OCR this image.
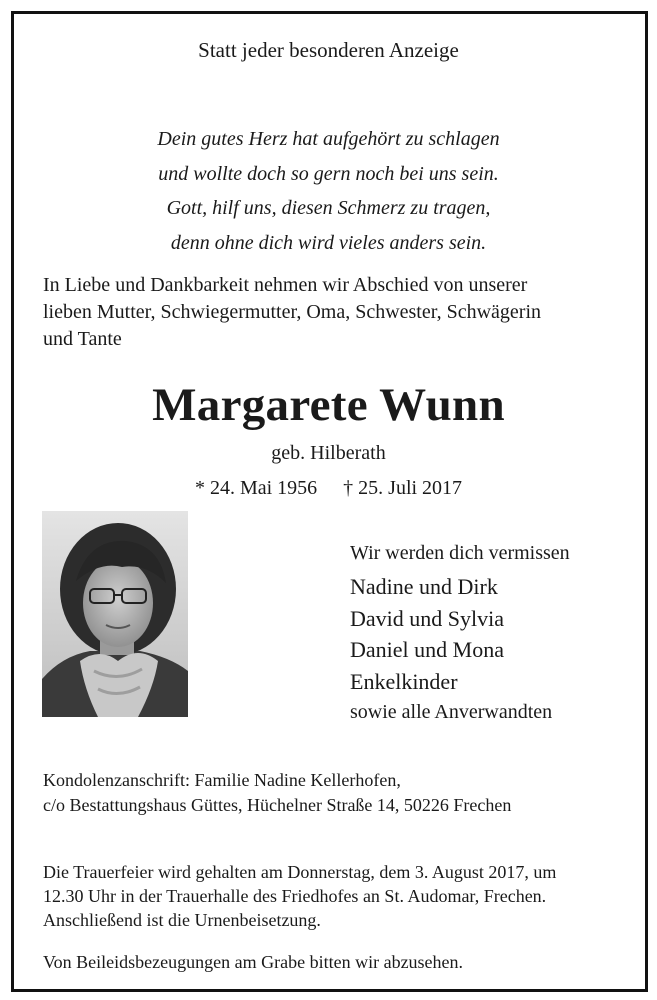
Statt jeder besonderen Anzeige
Dein gutes Herz hat aufgehört zu schlagen
und wollte doch so gern noch bei uns sein.
Gott, hilf uns, diesen Schmerz zu tragen,
denn ohne dich wird vieles anders sein.
In Liebe und Dankbarkeit nehmen wir Abschied von unserer
lieben Mutter, Schwiegermutter, Oma, Schwester, Schwägerin
und Tante
Margarete Wunn
geb. Hilberath
* 24. Mai 1956 † 25. Juli 2017
Wir werden dich vermissen
Nadine und Dirk
David und Sylvia
Daniel und Mona
Enkelkinder
sowie alle Anverwandten
Kondolenzanschrift: Familie Nadine Kellerhofen,
c/o Bestattungshaus Güttes, Hüchelner Straße 14, 50226 Frechen
Die Trauerfeier wird gehalten am Donnerstag, dem 3. August 2017, um
12.30 Uhr in der Trauerhalle des Friedhofes an St. Audomar, Frechen.
Anschließend ist die Urnenbeisetzung.
Von Beileidsbezeugungen am Grabe bitten wir abzusehen.
